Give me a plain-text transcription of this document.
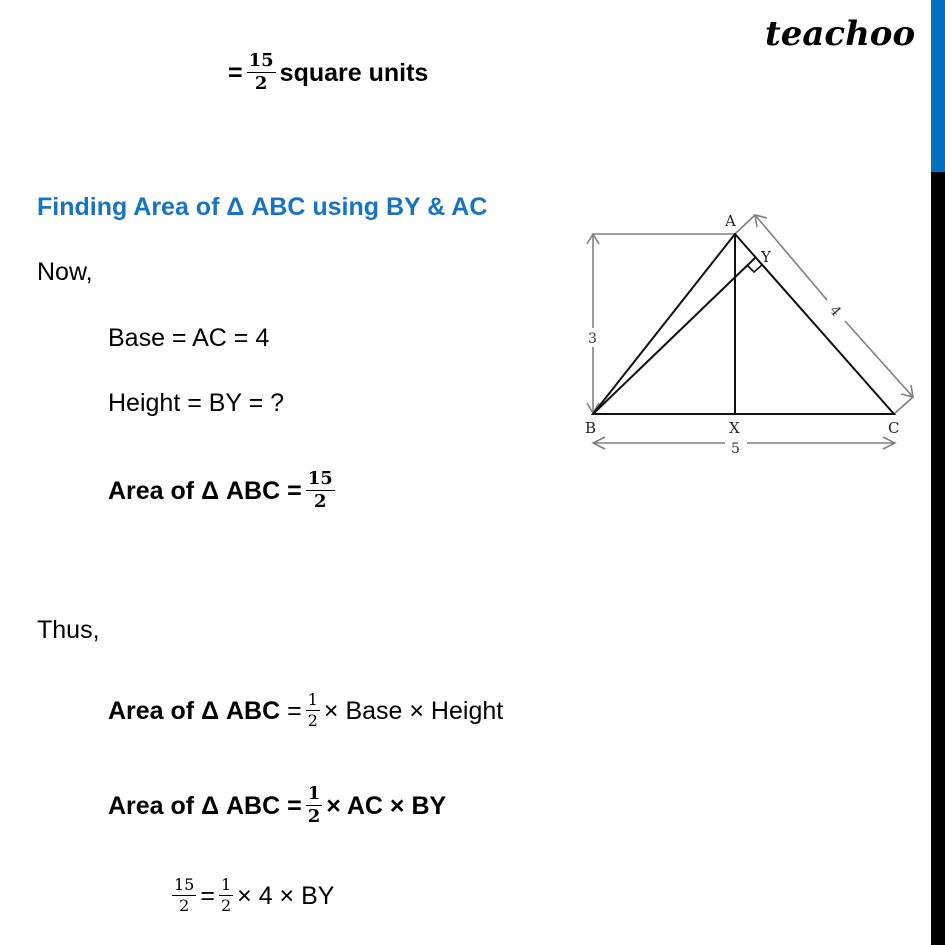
= $\frac{15}{2}$ square units
teachoo
Finding Area of Δ ABC using BY & AC
Now,
Base = AC = 4
Height = BY = ?
Area of Δ ABC = $\frac{15}{2}$
Thus,
Area of Δ ABC
= $\frac{1}{2}$ × Base × Height
Area of Δ ABC = $\frac{1}{2}$ × AC × BY
$\frac{15}{2} = \frac{1}{2} \times 4$ × BY
A
B	C
X
Y
3
5
4
